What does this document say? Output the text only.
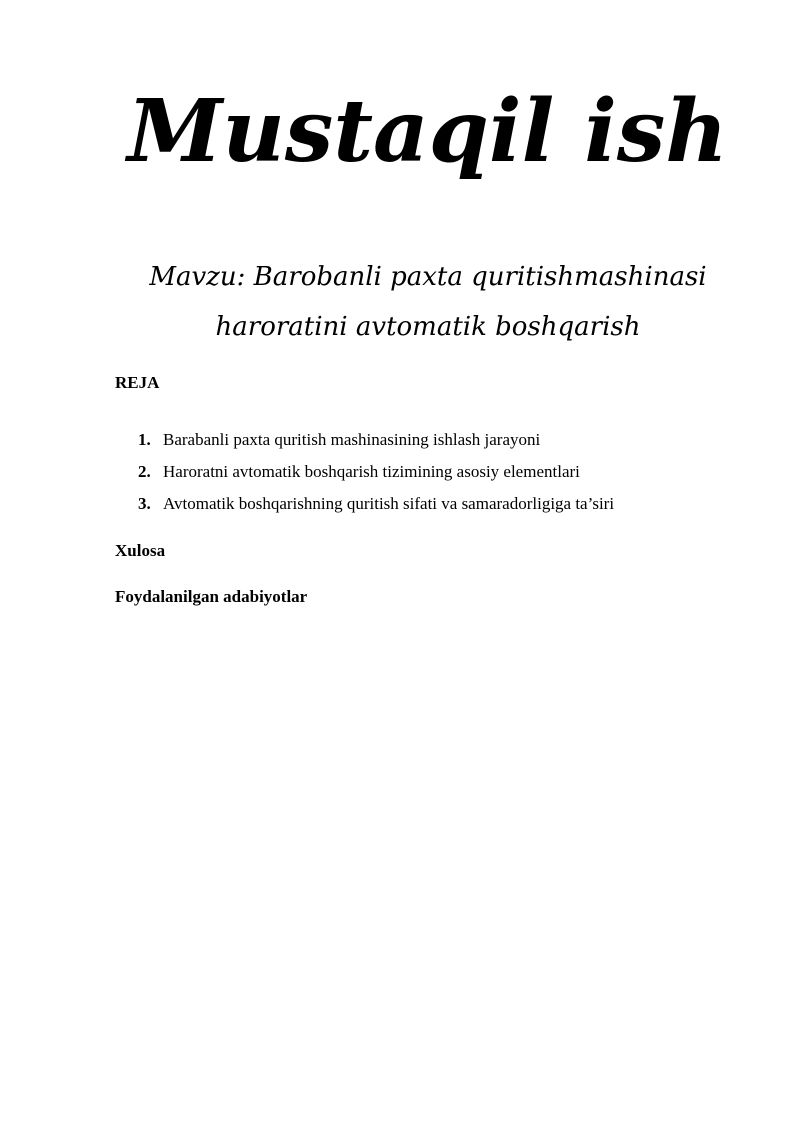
Mustaqil ish

Mavzu: Barobanli paxta quritishmashinasi
haroratini avtomatik boshqarish

REJA

1. Barabanli paxta quritish mashinasining ishlash jarayoni
2. Haroratni avtomatik boshqarish tizimining asosiy elementlari
3. Avtomatik boshqarishning quritish sifati va samaradorligiga ta’siri

Xulosa

Foydalanilgan adabiyotlar
